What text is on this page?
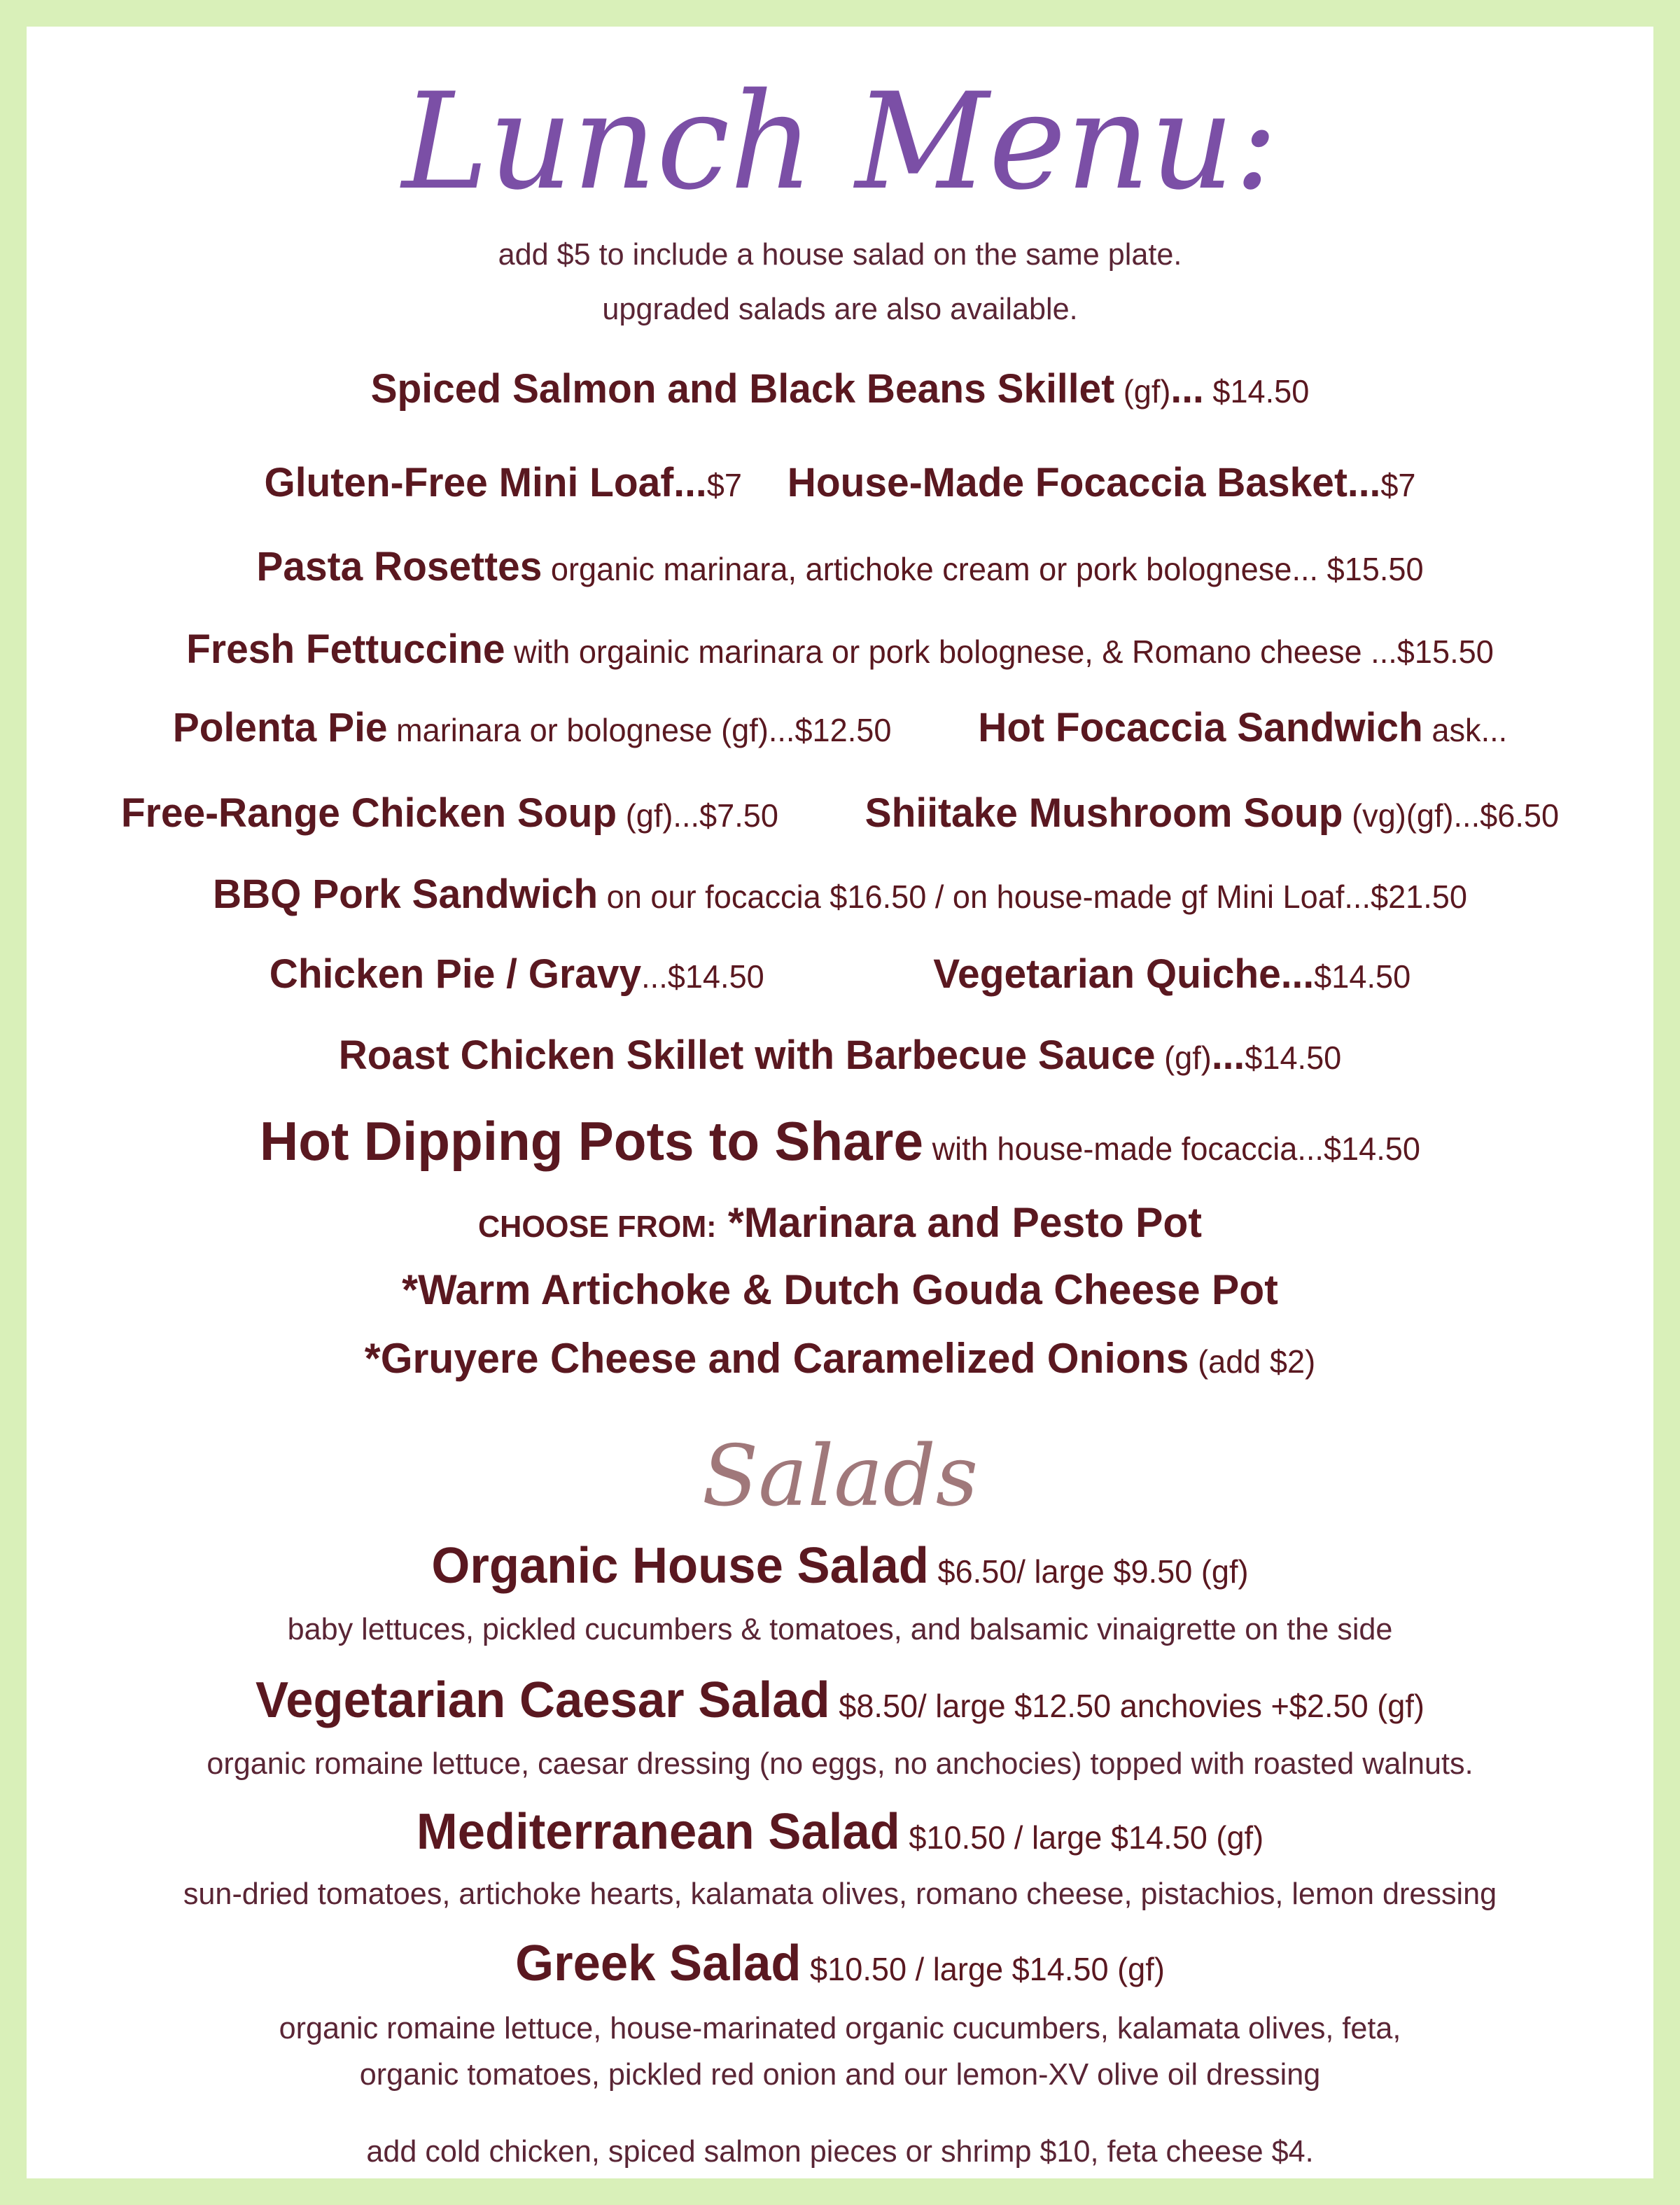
Lunch Menu:
add $5 to include a house salad on the same plate.
upgraded salads are also available.
Spiced Salmon and Black Beans Skillet (gf)... $14.50
Gluten-Free Mini Loaf...$7 House-Made Focaccia Basket...$7
Pasta Rosettes organic marinara, artichoke cream or pork bolognese... $15.50
Fresh Fettuccine with orgainic marinara or pork bolognese, & Romano cheese ...$15.50
Polenta Pie marinara or bolognese (gf)...$12.50 Hot Focaccia Sandwich ask...
Free-Range Chicken Soup (gf)...$7.50 Shiitake Mushroom Soup (vg)(gf)...$6.50
BBQ Pork Sandwich on our focaccia $16.50 / on house-made gf Mini Loaf...$21.50
Chicken Pie / Gravy...$14.50	Vegetarian Quiche...$14.50
Roast Chicken Skillet with Barbecue Sauce (gf)...$14.50
Hot Dipping Pots to Share with house-made focaccia...$14.50
CHOOSE FROM: *Marinara and Pesto Pot
*Warm Artichoke & Dutch Gouda Cheese Pot
*Gruyere Cheese and Caramelized Onions (add $2)
Salads
Organic House Salad $6.50/ large $9.50 (gf)
baby lettuces, pickled cucumbers & tomatoes, and balsamic vinaigrette on the side
Vegetarian Caesar Salad $8.50/ large $12.50 anchovies +$2.50 (gf)
organic romaine lettuce, caesar dressing (no eggs, no anchocies) topped with roasted walnuts.
Mediterranean Salad $10.50 / large $14.50 (gf)
sun-dried tomatoes, artichoke hearts, kalamata olives, romano cheese, pistachios, lemon dressing
Greek Salad $10.50 / large $14.50 (gf)
organic romaine lettuce, house-marinated organic cucumbers, kalamata olives, feta,
organic tomatoes, pickled red onion and our lemon-XV olive oil dressing
add cold chicken, spiced salmon pieces or shrimp $10, feta cheese $4.
